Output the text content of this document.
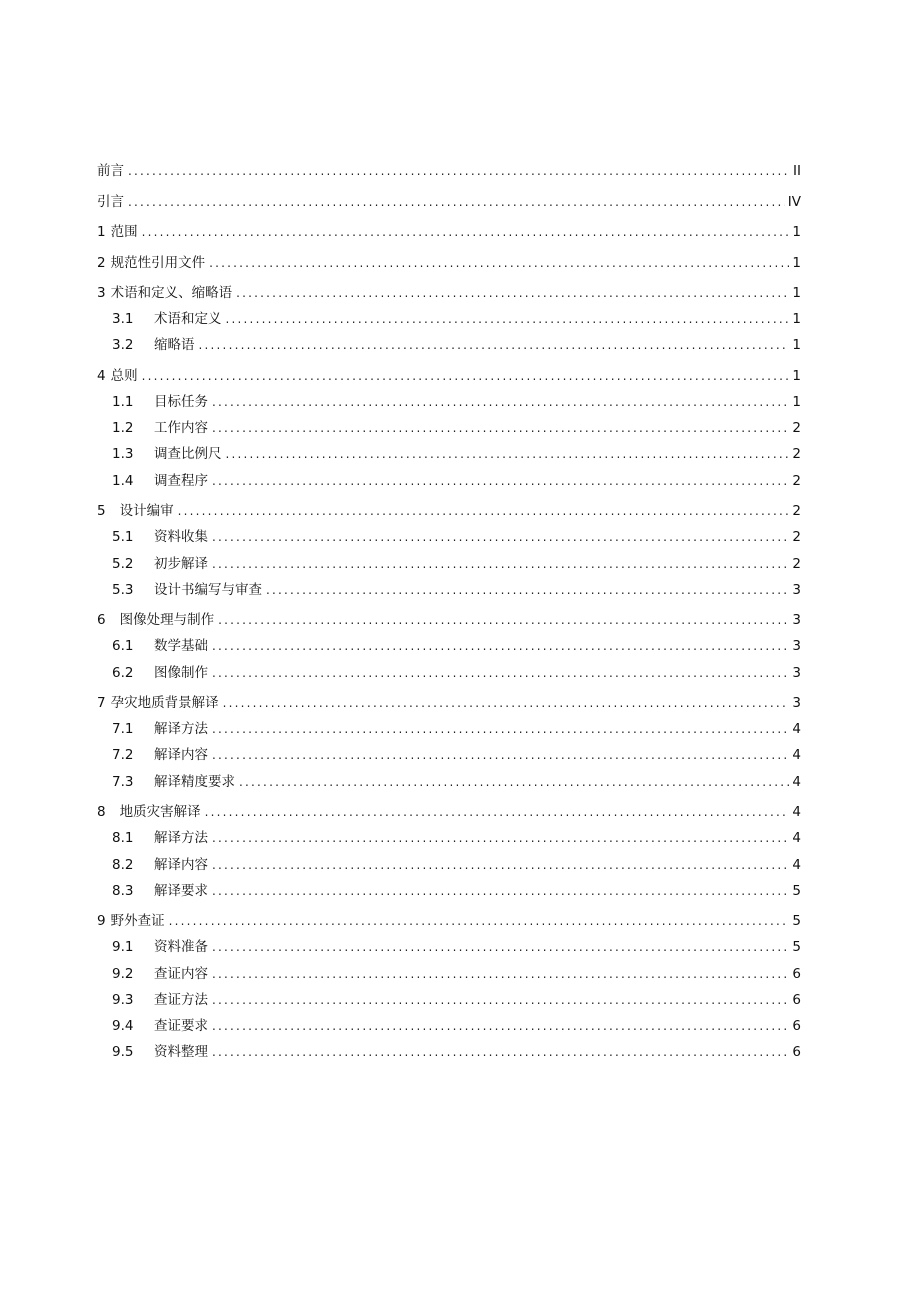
前言 .....	II
引言 .....	IV
1 范围 .....	1
2 规范性引用文件 .....	1
3 术语和定义、缩略语 .....	1
3.1	术语和定义 .....	1
3.2	缩略语 .....	1
4 总则 .....	1
1.1	目标任务 .....	1
1.2	工作内容 .....	2
1.3	调查比例尺 .....	2
1.4	调查程序 .....	2
5 设计编审 .....	2
5.1	资料收集 .....	2
5.2	初步解译 .....	2
5.3	设计书编写与审查 .....	3
6 图像处理与制作 .....	3
6.1	数学基础 .....	3
6.2	图像制作 .....	3
7 孕灾地质背景解译 .....	3
7.1	解译方法 .....	4
7.2	解译内容 .....	4
7.3	解译精度要求 .....	4
8 地质灾害解译 .....	4
8.1	解译方法 .....	4
8.2	解译内容 .....	4
8.3	解译要求 .....	5
9 野外查证 .....	5
9.1	资料准备 .....	5
9.2	查证内容 .....	6
9.3	查证方法 .....	6
9.4	查证要求 .....	6
9.5	资料整理 .....	6
